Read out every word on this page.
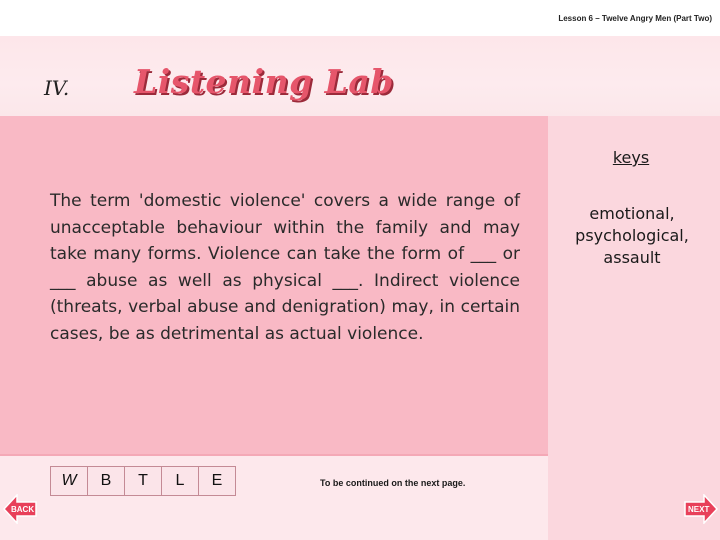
Lesson 6 – Twelve Angry Men (Part Two)
IV. Listening Lab
The term 'domestic violence' covers a wide range of unacceptable behaviour within the family and may take many forms. Violence can take the form of ___ or ___ abuse as well as physical ___. Indirect violence (threats, verbal abuse and denigration) may, in certain cases, be as detrimental as actual violence.
keys
emotional,
psychological,
assault
W	B	T	L	E	To be continued on the next page.
BACK	NEXT
